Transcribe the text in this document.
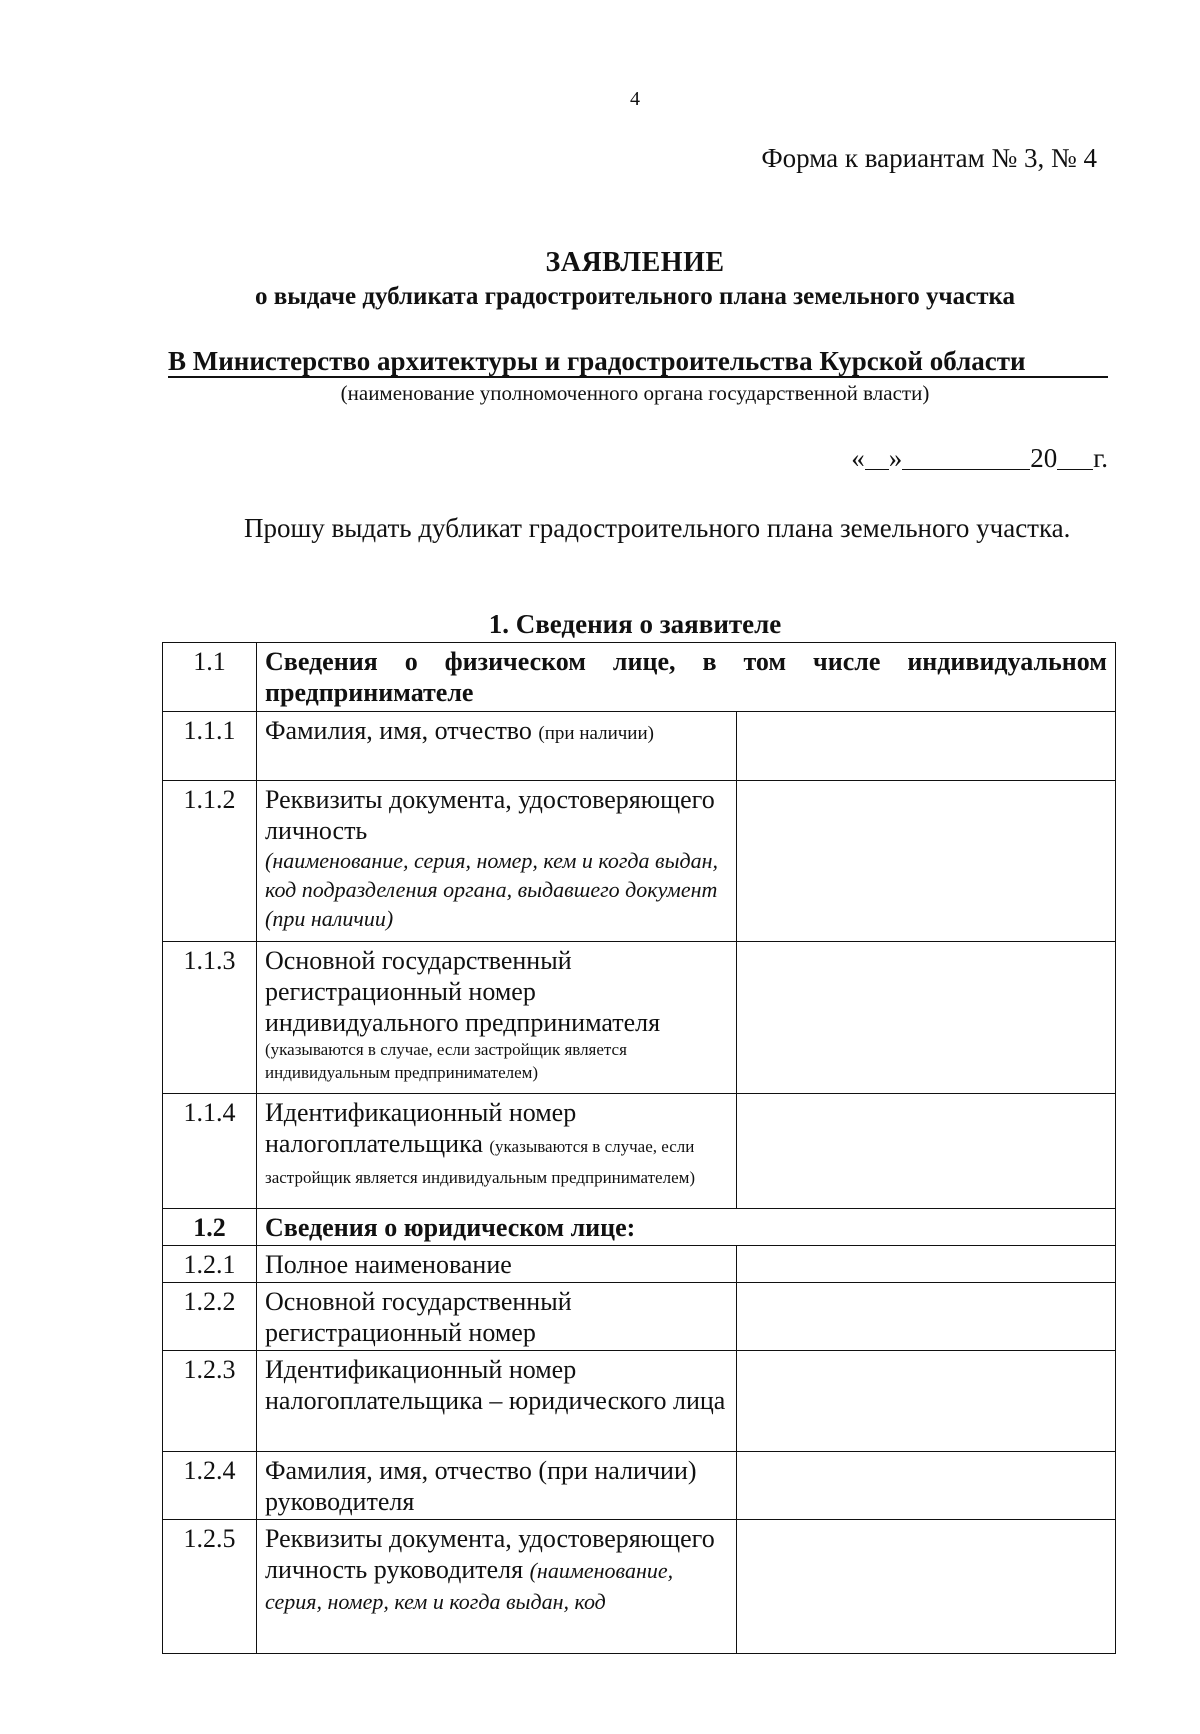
4
Форма к вариантам № 3, № 4
ЗАЯВЛЕНИЕ
о выдаче дубликата градостроительного плана земельного участка
В Министерство архитектуры и градостроительства Курской области
(наименование уполномоченного органа государственной власти)
« »	20 г.
Прошу выдать дубликат градостроительного плана земельного участка.
1. Сведения о заявителе
1.1	Сведения о физическом лице, в том числе индивидуальном предпринимателе	

1.1.1	Фамилия, имя, отчество (при наличии)	
1.1.2	Реквизиты документа, удостоверяющего личность
(наименование, серия, номер, кем и когда выдан, код подразделения органа, выдавшего документ (при наличии)	

1.1.3	Основной государственный регистрационный номер индивидуального предпринимателя
(указываются в случае, если застройщик является индивидуальным предпринимателем)	

1.1.4	Идентификационный номер налогоплательщика (указываются в случае, если застройщик является индивидуальным предпринимателем)	
1.2	Сведения о юридическом лице:	
1.2.1	Полное наименование	
1.2.2	Основной государственный регистрационный номер	
1.2.3	Идентификационный номер налогоплательщика – юридического лица	
1.2.4	Фамилия, имя, отчество (при наличии) руководителя	
1.2.5	Реквизиты документа, удостоверяющего личность руководителя (наименование, серия, номер, кем и когда выдан, код	
